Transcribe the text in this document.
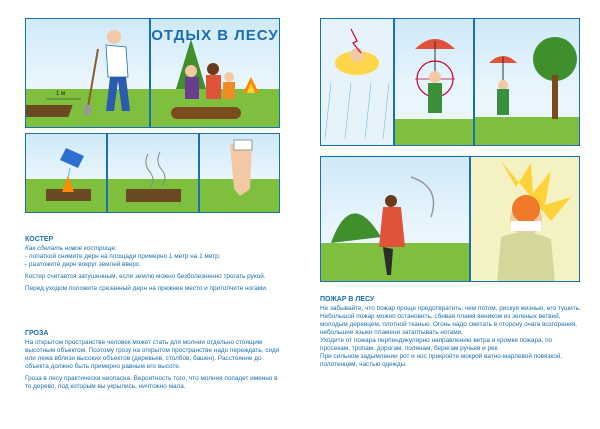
1 м
ОТДЫХ В ЛЕСУ
КОСТЕР

Как сделать новое кострище:
- лопаткой снимите дерн на площади примерно 1 метр на 1 метр;
- разложите дерн вокруг землей вверх.

Костер считается затушенным, если землю можно безболезненно трогать рукой.

Перед уходом положите срезанный дерн на прежнее место и притопчите ногами.

ГРОЗА

На открытом пространстве человек может стать для молнии отдельно стоящим высотным объектом. Поэтому грозу на открытом пространстве надо переждать, сидя или лежа вблизи высоких объектов (деревьев, столбов, башен). Расстояние до объекта должно быть примерно равным его высоте.

Гроза в лесу практически неопасна. Вероятность того, что молния попадет именно в то дерево, под которым вы укрылись, ничтожно мала.

ПОЖАР В ЛЕСУ

Не забывайте, что пожар проще предотвратить, чем потом, рискуя жизнью, его тушить.

Небольшой пожар можно остановить, сбивая пламя веником из зеленых ветвей, молодым деревцем, плотной тканью. Огонь надо сметать в сторону очага возгорания, небольшие языки пламени затаптывать ногами.

Уходите от пожара перпендикулярно направлению ветра и кромке пожара, по просекам, тропам, дорогам, полянам, берегам ручьев и рек.

При сильном задымлении рот и нос прикройте мокрой ватно-марлевой повязкой, полотенцем, частью одежды.
